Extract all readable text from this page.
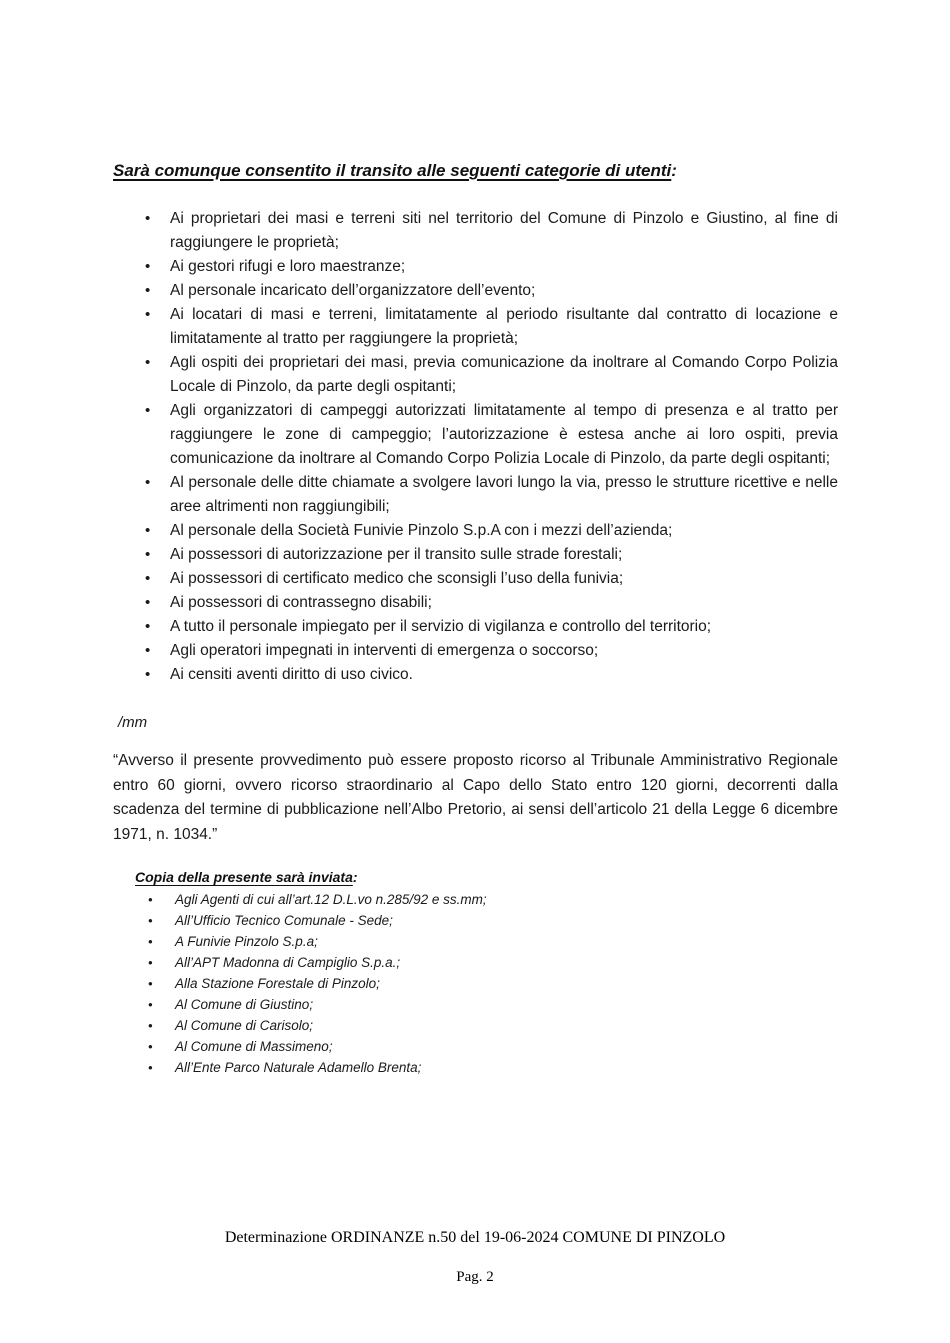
Sarà comunque consentito il transito alle seguenti categorie di utenti:
• Ai proprietari dei masi e terreni siti nel territorio del Comune di Pinzolo e Giustino, al fine di raggiungere le proprietà;
• Ai gestori rifugi e loro maestranze;
• Al personale incaricato dell’organizzatore dell’evento;
• Ai locatari di masi e terreni, limitatamente al periodo risultante dal contratto di locazione e limitatamente al tratto per raggiungere la proprietà;
• Agli ospiti dei proprietari dei masi, previa comunicazione da inoltrare al Comando Corpo Polizia Locale di Pinzolo, da parte degli ospitanti;
• Agli organizzatori di campeggi autorizzati limitatamente al tempo di presenza e al tratto per raggiungere le zone di campeggio; l’autorizzazione è estesa anche ai loro ospiti, previa comunicazione da inoltrare al Comando Corpo Polizia Locale di Pinzolo, da parte degli ospitanti;
• Al personale delle ditte chiamate a svolgere lavori lungo la via, presso le strutture ricettive e nelle aree altrimenti non raggiungibili;
• Al personale della Società Funivie Pinzolo S.p.A con i mezzi dell’azienda;
• Ai possessori di autorizzazione per il transito sulle strade forestali;
• Ai possessori di certificato medico che sconsigli l’uso della funivia;
• Ai possessori di contrassegno disabili;
• A tutto il personale impiegato per il servizio di vigilanza e controllo del territorio;
• Agli operatori impegnati in interventi di emergenza o soccorso;
• Ai censiti aventi diritto di uso civico.
/mm

“Avverso il presente provvedimento può essere proposto ricorso al Tribunale Amministrativo Regionale entro 60 giorni, ovvero ricorso straordinario al Capo dello Stato entro 120 giorni, decorrenti dalla scadenza del termine di pubblicazione nell’Albo Pretorio, ai sensi dell’articolo 21 della Legge 6 dicembre 1971, n. 1034.”

Copia della presente sarà inviata:
• Agli Agenti di cui all’art.12 D.L.vo n.285/92 e ss.mm;
• All’Ufficio Tecnico Comunale - Sede;
• A Funivie Pinzolo S.p.a;
• All’APT Madonna di Campiglio S.p.a.;
• Alla Stazione Forestale di Pinzolo;
• Al Comune di Giustino;
• Al Comune di Carisolo;
• Al Comune di Massimeno;
• All’Ente Parco Naturale Adamello Brenta;
Determinazione ORDINANZE n.50 del 19-06-2024 COMUNE DI PINZOLO
Pag. 2
